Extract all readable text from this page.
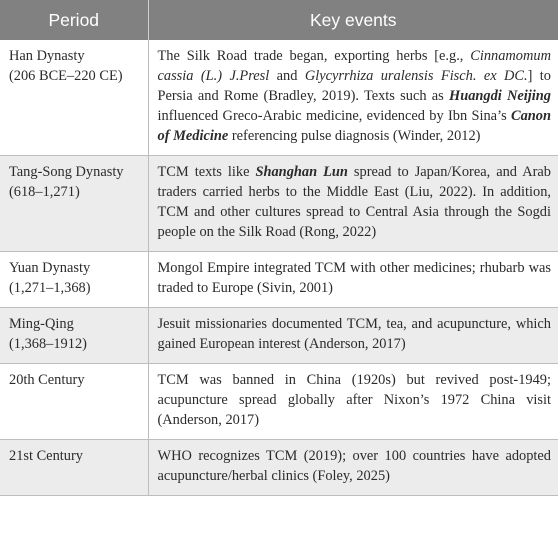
Period	Key events

Han Dynasty
(206 BCE–220 CE)	The Silk Road trade began, exporting herbs [e.g., Cinnamomum cassia (L.) J.Presl and Glycyrrhiza uralensis Fisch. ex DC.] to Persia and Rome (Bradley, 2019). Texts such as Huangdi Neijing influenced Greco-Arabic medicine, evidenced by Ibn Sina’s Canon of Medicine referencing pulse diagnosis (Winder, 2012)

Tang-Song Dynasty
(618–1,271)	TCM texts like Shanghan Lun spread to Japan/Korea, and Arab traders carried herbs to the Middle East (Liu, 2022). In addition, TCM and other cultures spread to Central Asia through the Sogdi people on the Silk Road (Rong, 2022)

Yuan Dynasty
(1,271–1,368)	Mongol Empire integrated TCM with other medicines; rhubarb was traded to Europe (Sivin, 2001)

Ming-Qing
(1,368–1912)	Jesuit missionaries documented TCM, tea, and acupuncture, which gained European interest (Anderson, 2017)

20th Century	TCM was banned in China (1920s) but revived post-1949; acupuncture spread globally after Nixon’s 1972 China visit (Anderson, 2017)

21st Century	WHO recognizes TCM (2019); over 100 countries have adopted acupuncture/herbal clinics (Foley, 2025)
